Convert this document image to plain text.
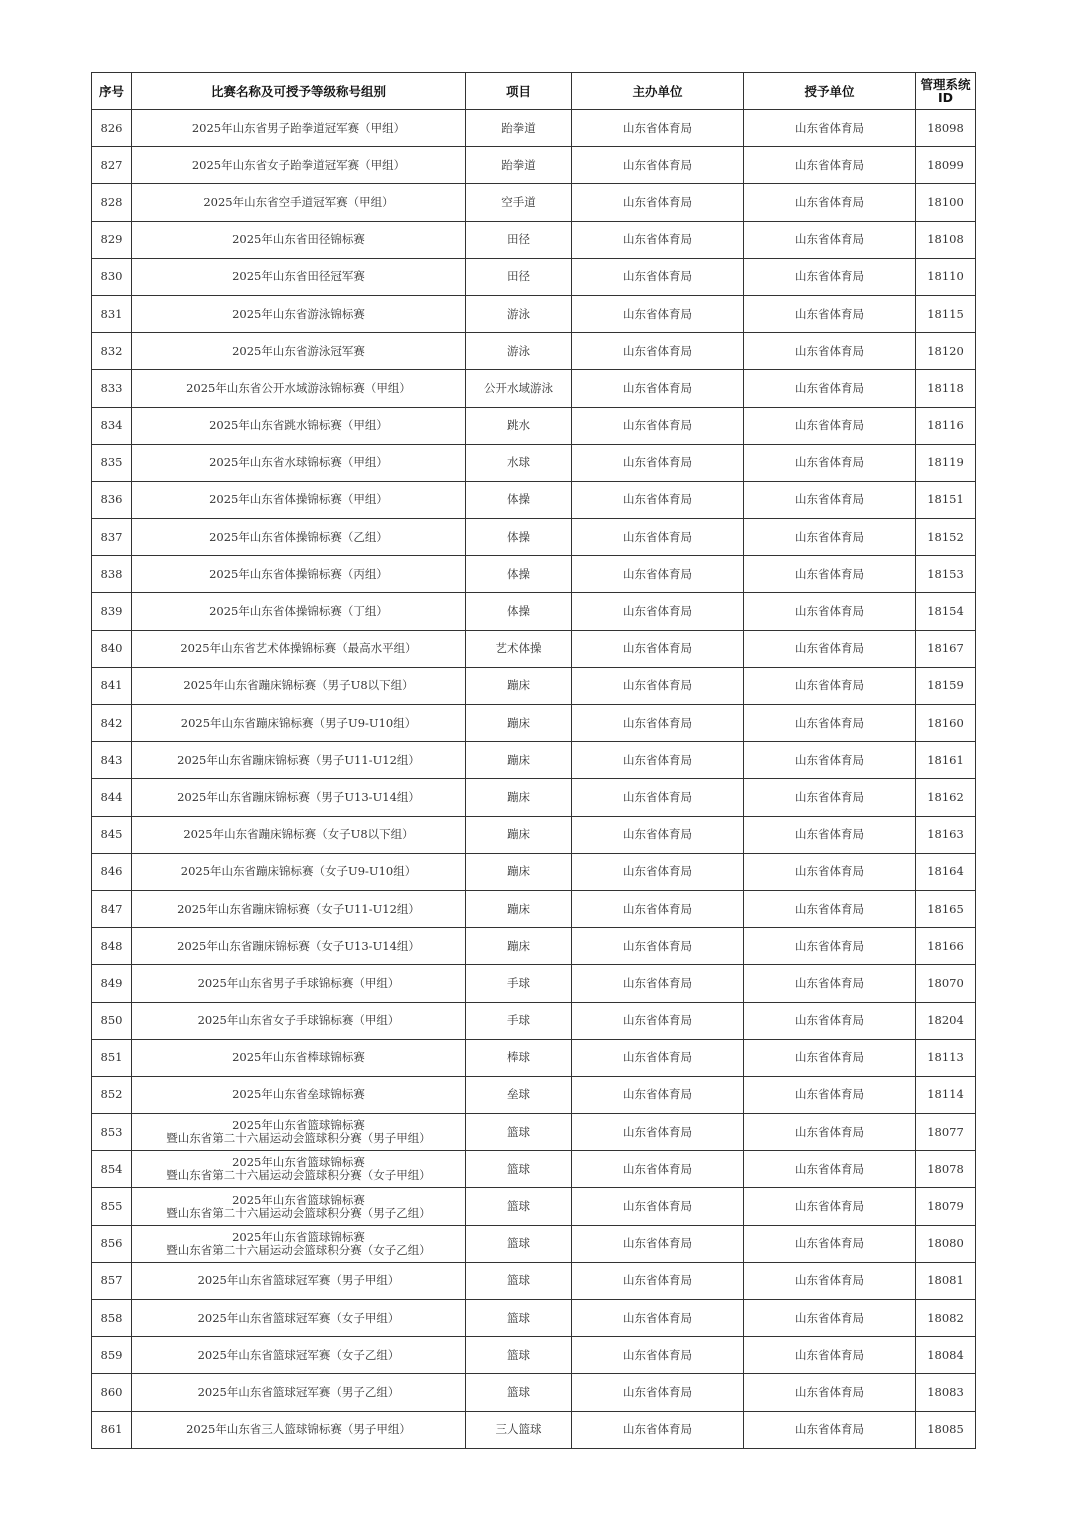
序号	比赛名称及可授予等级称号组别	项目	主办单位	授予单位	管理系统
ID

826	2025年山东省男子跆拳道冠军赛（甲组）	跆拳道	山东省体育局	山东省体育局	18098
827	2025年山东省女子跆拳道冠军赛（甲组）	跆拳道	山东省体育局	山东省体育局	18099
828	2025年山东省空手道冠军赛（甲组）	空手道	山东省体育局	山东省体育局	18100
829	2025年山东省田径锦标赛	田径	山东省体育局	山东省体育局	18108
830	2025年山东省田径冠军赛	田径	山东省体育局	山东省体育局	18110
831	2025年山东省游泳锦标赛	游泳	山东省体育局	山东省体育局	18115
832	2025年山东省游泳冠军赛	游泳	山东省体育局	山东省体育局	18120
833	2025年山东省公开水域游泳锦标赛（甲组）	公开水域游泳	山东省体育局	山东省体育局	18118
834	2025年山东省跳水锦标赛（甲组）	跳水	山东省体育局	山东省体育局	18116
835	2025年山东省水球锦标赛（甲组）	水球	山东省体育局	山东省体育局	18119
836	2025年山东省体操锦标赛（甲组）	体操	山东省体育局	山东省体育局	18151
837	2025年山东省体操锦标赛（乙组）	体操	山东省体育局	山东省体育局	18152
838	2025年山东省体操锦标赛（丙组）	体操	山东省体育局	山东省体育局	18153
839	2025年山东省体操锦标赛（丁组）	体操	山东省体育局	山东省体育局	18154
840	2025年山东省艺术体操锦标赛（最高水平组）	艺术体操	山东省体育局	山东省体育局	18167
841	2025年山东省蹦床锦标赛（男子U8以下组）	蹦床	山东省体育局	山东省体育局	18159
842	2025年山东省蹦床锦标赛（男子U9-U10组）	蹦床	山东省体育局	山东省体育局	18160
843	2025年山东省蹦床锦标赛（男子U11-U12组）	蹦床	山东省体育局	山东省体育局	18161
844	2025年山东省蹦床锦标赛（男子U13-U14组）	蹦床	山东省体育局	山东省体育局	18162
845	2025年山东省蹦床锦标赛（女子U8以下组）	蹦床	山东省体育局	山东省体育局	18163
846	2025年山东省蹦床锦标赛（女子U9-U10组）	蹦床	山东省体育局	山东省体育局	18164
847	2025年山东省蹦床锦标赛（女子U11-U12组）	蹦床	山东省体育局	山东省体育局	18165
848	2025年山东省蹦床锦标赛（女子U13-U14组）	蹦床	山东省体育局	山东省体育局	18166
849	2025年山东省男子手球锦标赛（甲组）	手球	山东省体育局	山东省体育局	18070
850	2025年山东省女子手球锦标赛（甲组）	手球	山东省体育局	山东省体育局	18204
851	2025年山东省棒球锦标赛	棒球	山东省体育局	山东省体育局	18113
852	2025年山东省垒球锦标赛	垒球	山东省体育局	山东省体育局	18114
853	2025年山东省篮球锦标赛
暨山东省第二十六届运动会篮球积分赛（男子甲组）	篮球	山东省体育局	山东省体育局	18077
854	2025年山东省篮球锦标赛
暨山东省第二十六届运动会篮球积分赛（女子甲组）	篮球	山东省体育局	山东省体育局	18078
855	2025年山东省篮球锦标赛
暨山东省第二十六届运动会篮球积分赛（男子乙组）	篮球	山东省体育局	山东省体育局	18079
856	2025年山东省篮球锦标赛
暨山东省第二十六届运动会篮球积分赛（女子乙组）	篮球	山东省体育局	山东省体育局	18080
857	2025年山东省篮球冠军赛（男子甲组）	篮球	山东省体育局	山东省体育局	18081
858	2025年山东省篮球冠军赛（女子甲组）	篮球	山东省体育局	山东省体育局	18082
859	2025年山东省篮球冠军赛（女子乙组）	篮球	山东省体育局	山东省体育局	18084
860	2025年山东省篮球冠军赛（男子乙组）	篮球	山东省体育局	山东省体育局	18083
861	2025年山东省三人篮球锦标赛（男子甲组）	三人篮球	山东省体育局	山东省体育局	18085
